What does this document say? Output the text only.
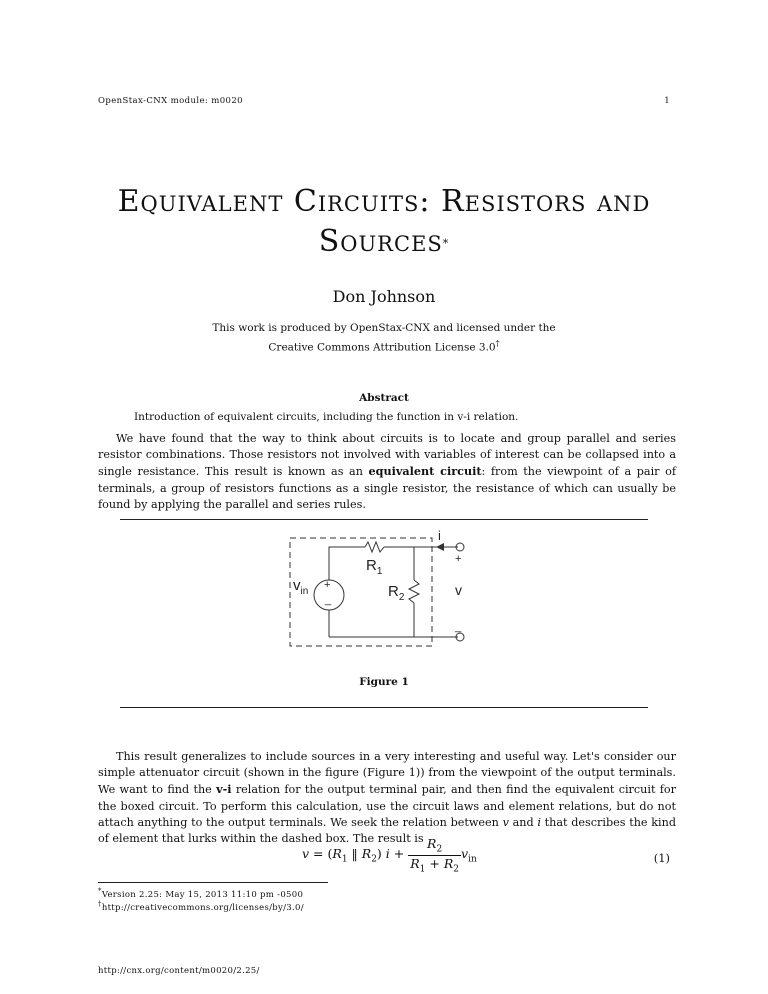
OpenStax-CNX module: m0020	1
Equivalent Circuits: Resistors and
Sources*
Don Johnson
This work is produced by OpenStax-CNX and licensed under the
Creative Commons Attribution License 3.0†
Abstract
Introduction of equivalent circuits, including the function in v-i relation.

We have found that the way to think about circuits is to locate and group parallel and series resistor combinations. Those resistors not involved with variables of interest can be collapsed into a single resistance. This result is known as an equivalent circuit: from the viewpoint of a pair of terminals, a group of resistors functions as a single resistor, the resistance of which can usually be found by applying the parallel and series rules.

i
$R_1$
$R_2$
$v_{in}$
+
_
v
+
_
Figure 1

This result generalizes to include sources in a very interesting and useful way. Let's consider our simple attenuator circuit (shown in the figure (Figure 1)) from the viewpoint of the output terminals. We want to find the v-i relation for the output terminal pair, and then find the equivalent circuit for the boxed circuit. To perform this calculation, use the circuit laws and element relations, but do not attach anything to the output terminals. We seek the relation between v and i that describes the kind of element that lurks within the dashed box. The result is

$v = (R_1$ ‖ $R_2$) $i + \frac{R_2}{R_1 + R_2} v_{in}$	(1)
*Version 2.25: May 15, 2013 11:10 pm -0500
†http://creativecommons.org/licenses/by/3.0/
http://cnx.org/content/m0020/2.25/
